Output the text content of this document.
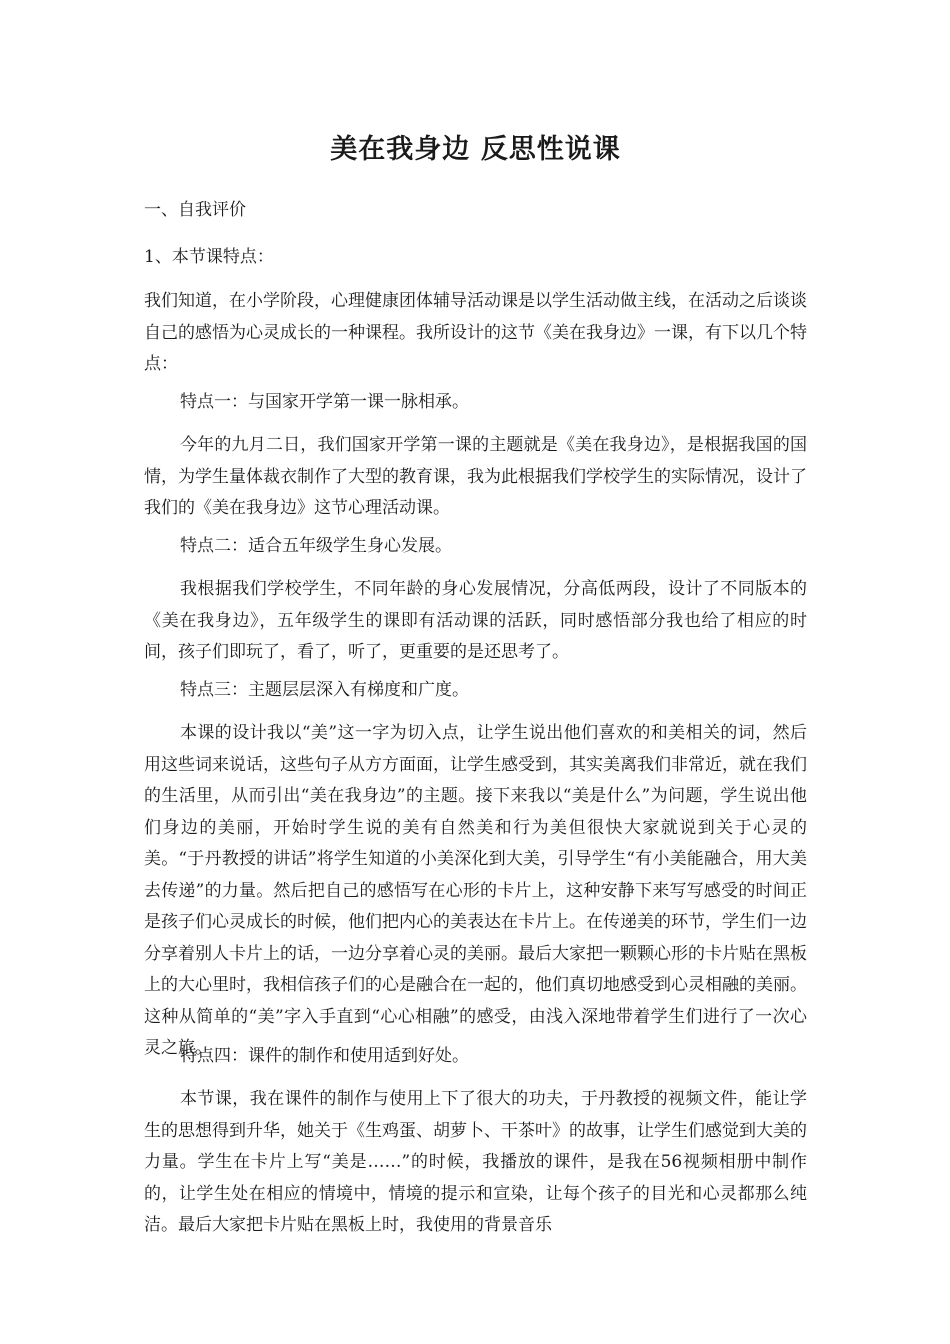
美在我身边 反思性说课

一、自我评价

1、本节课特点：

我们知道，在小学阶段，心理健康团体辅导活动课是以学生活动做主线，在活动之后谈谈自己的感悟为心灵成长的一种课程。我所设计的这节《美在我身边》一课，有下以几个特点：

特点一：与国家开学第一课一脉相承。

今年的九月二日，我们国家开学第一课的主题就是《美在我身边》，是根据我国的国情，为学生量体裁衣制作了大型的教育课，我为此根据我们学校学生的实际情况，设计了我们的《美在我身边》这节心理活动课。

特点二：适合五年级学生身心发展。

我根据我们学校学生，不同年龄的身心发展情况，分高低两段，设计了不同版本的《美在我身边》，五年级学生的课即有活动课的活跃，同时感悟部分我也给了相应的时间，孩子们即玩了，看了，听了，更重要的是还思考了。

特点三：主题层层深入有梯度和广度。

本课的设计我以“美”这一字为切入点，让学生说出他们喜欢的和美相关的词，然后用这些词来说话，这些句子从方方面面，让学生感受到，其实美离我们非常近，就在我们的生活里，从而引出“美在我身边”的主题。接下来我以“美是什么”为问题，学生说出他们身边的美丽，开始时学生说的美有自然美和行为美但很快大家就说到关于心灵的美。“于丹教授的讲话”将学生知道的小美深化到大美，引导学生“有小美能融合，用大美去传递”的力量。然后把自己的感悟写在心形的卡片上，这种安静下来写写感受的时间正是孩子们心灵成长的时候，他们把内心的美表达在卡片上。在传递美的环节，学生们一边分享着别人卡片上的话，一边分享着心灵的美丽。最后大家把一颗颗心形的卡片贴在黑板上的大心里时，我相信孩子们的心是融合在一起的，他们真切地感受到心灵相融的美丽。这种从简单的“美”字入手直到“心心相融”的感受，由浅入深地带着学生们进行了一次心灵之旅。

特点四：课件的制作和使用适到好处。

本节课，我在课件的制作与使用上下了很大的功夫，于丹教授的视频文件，能让学生的思想得到升华，她关于《生鸡蛋、胡萝卜、干茶叶》的故事，让学生们感觉到大美的力量。学生在卡片上写“美是……”的时候，我播放的课件，是我在56视频相册中制作的，让学生处在相应的情境中，情境的提示和宣染，让每个孩子的目光和心灵都那么纯洁。最后大家把卡片贴在黑板上时，我使用的背景音乐
